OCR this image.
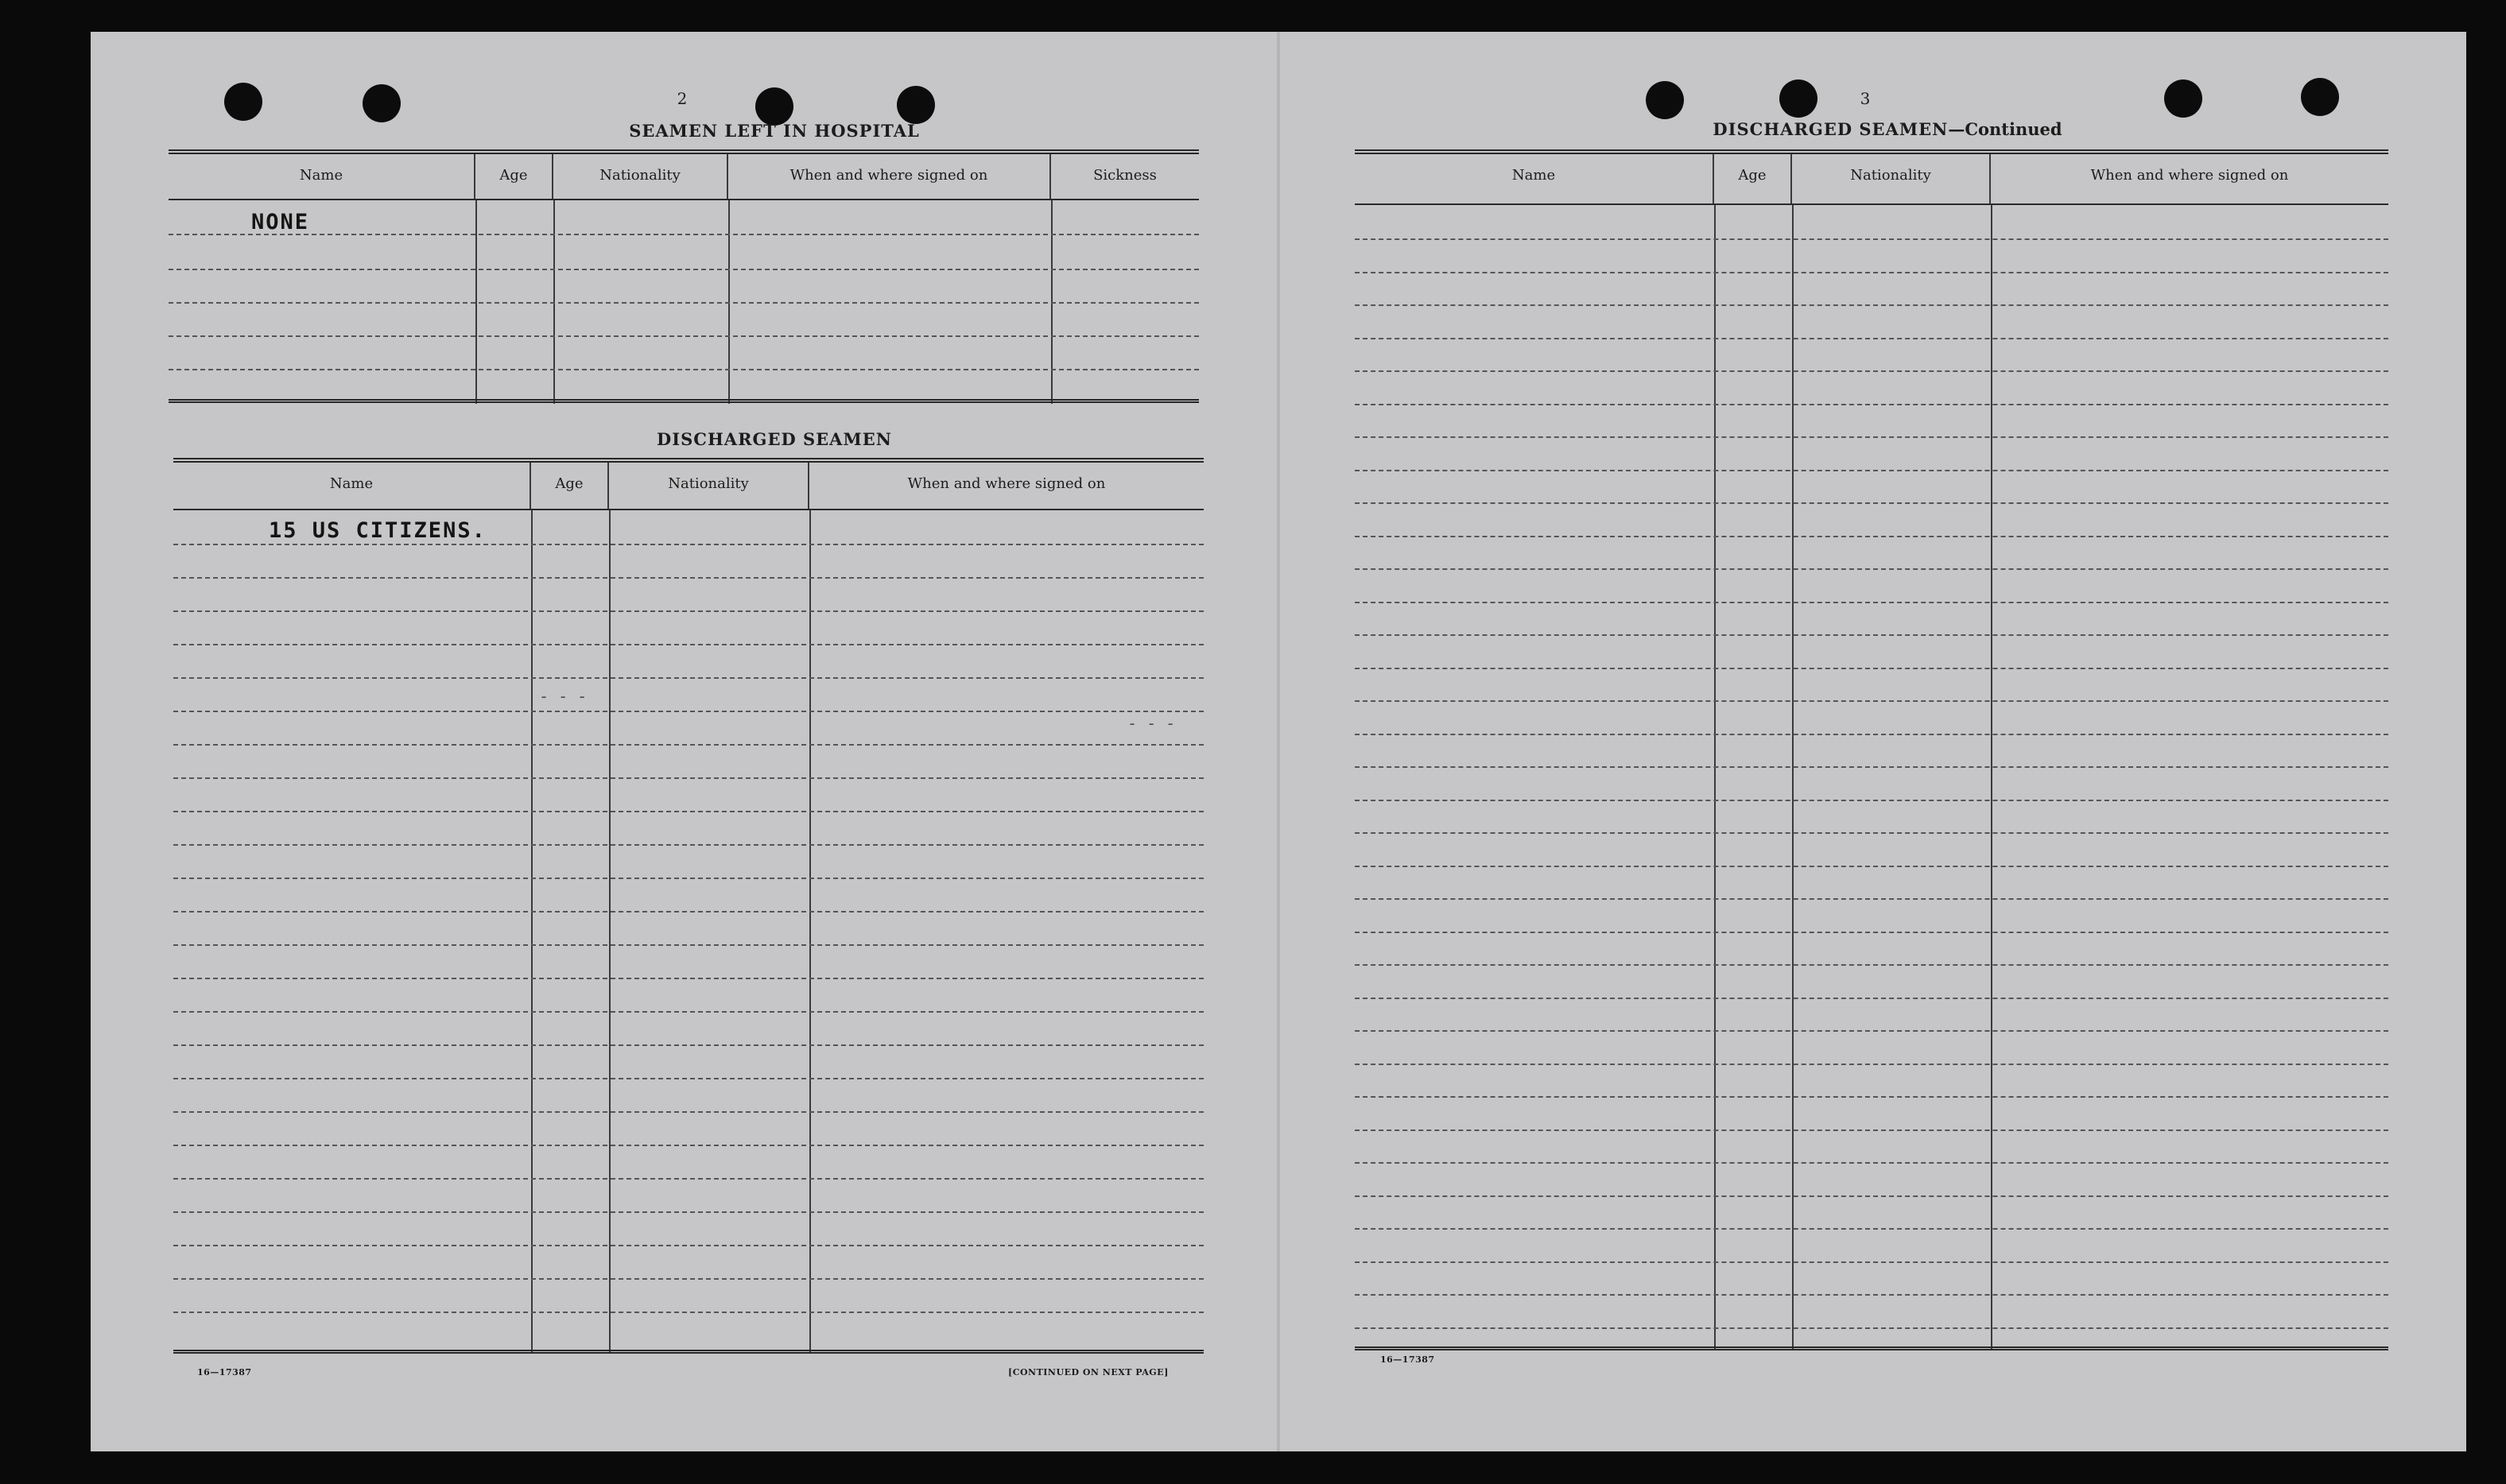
2
SEAMEN LEFT IN HOSPITAL
Name	Age	Nationality	When and where signed on	Sickness
NONE
DISCHARGED SEAMEN
Name	Age	Nationality	When and where signed on
15 US CITIZENS.
- - -
- - -
16—17387	[CONTINUED ON NEXT PAGE]
3
DISCHARGED SEAMEN—Continued
Name	Age	Nationality	When and where signed on
16—17387
